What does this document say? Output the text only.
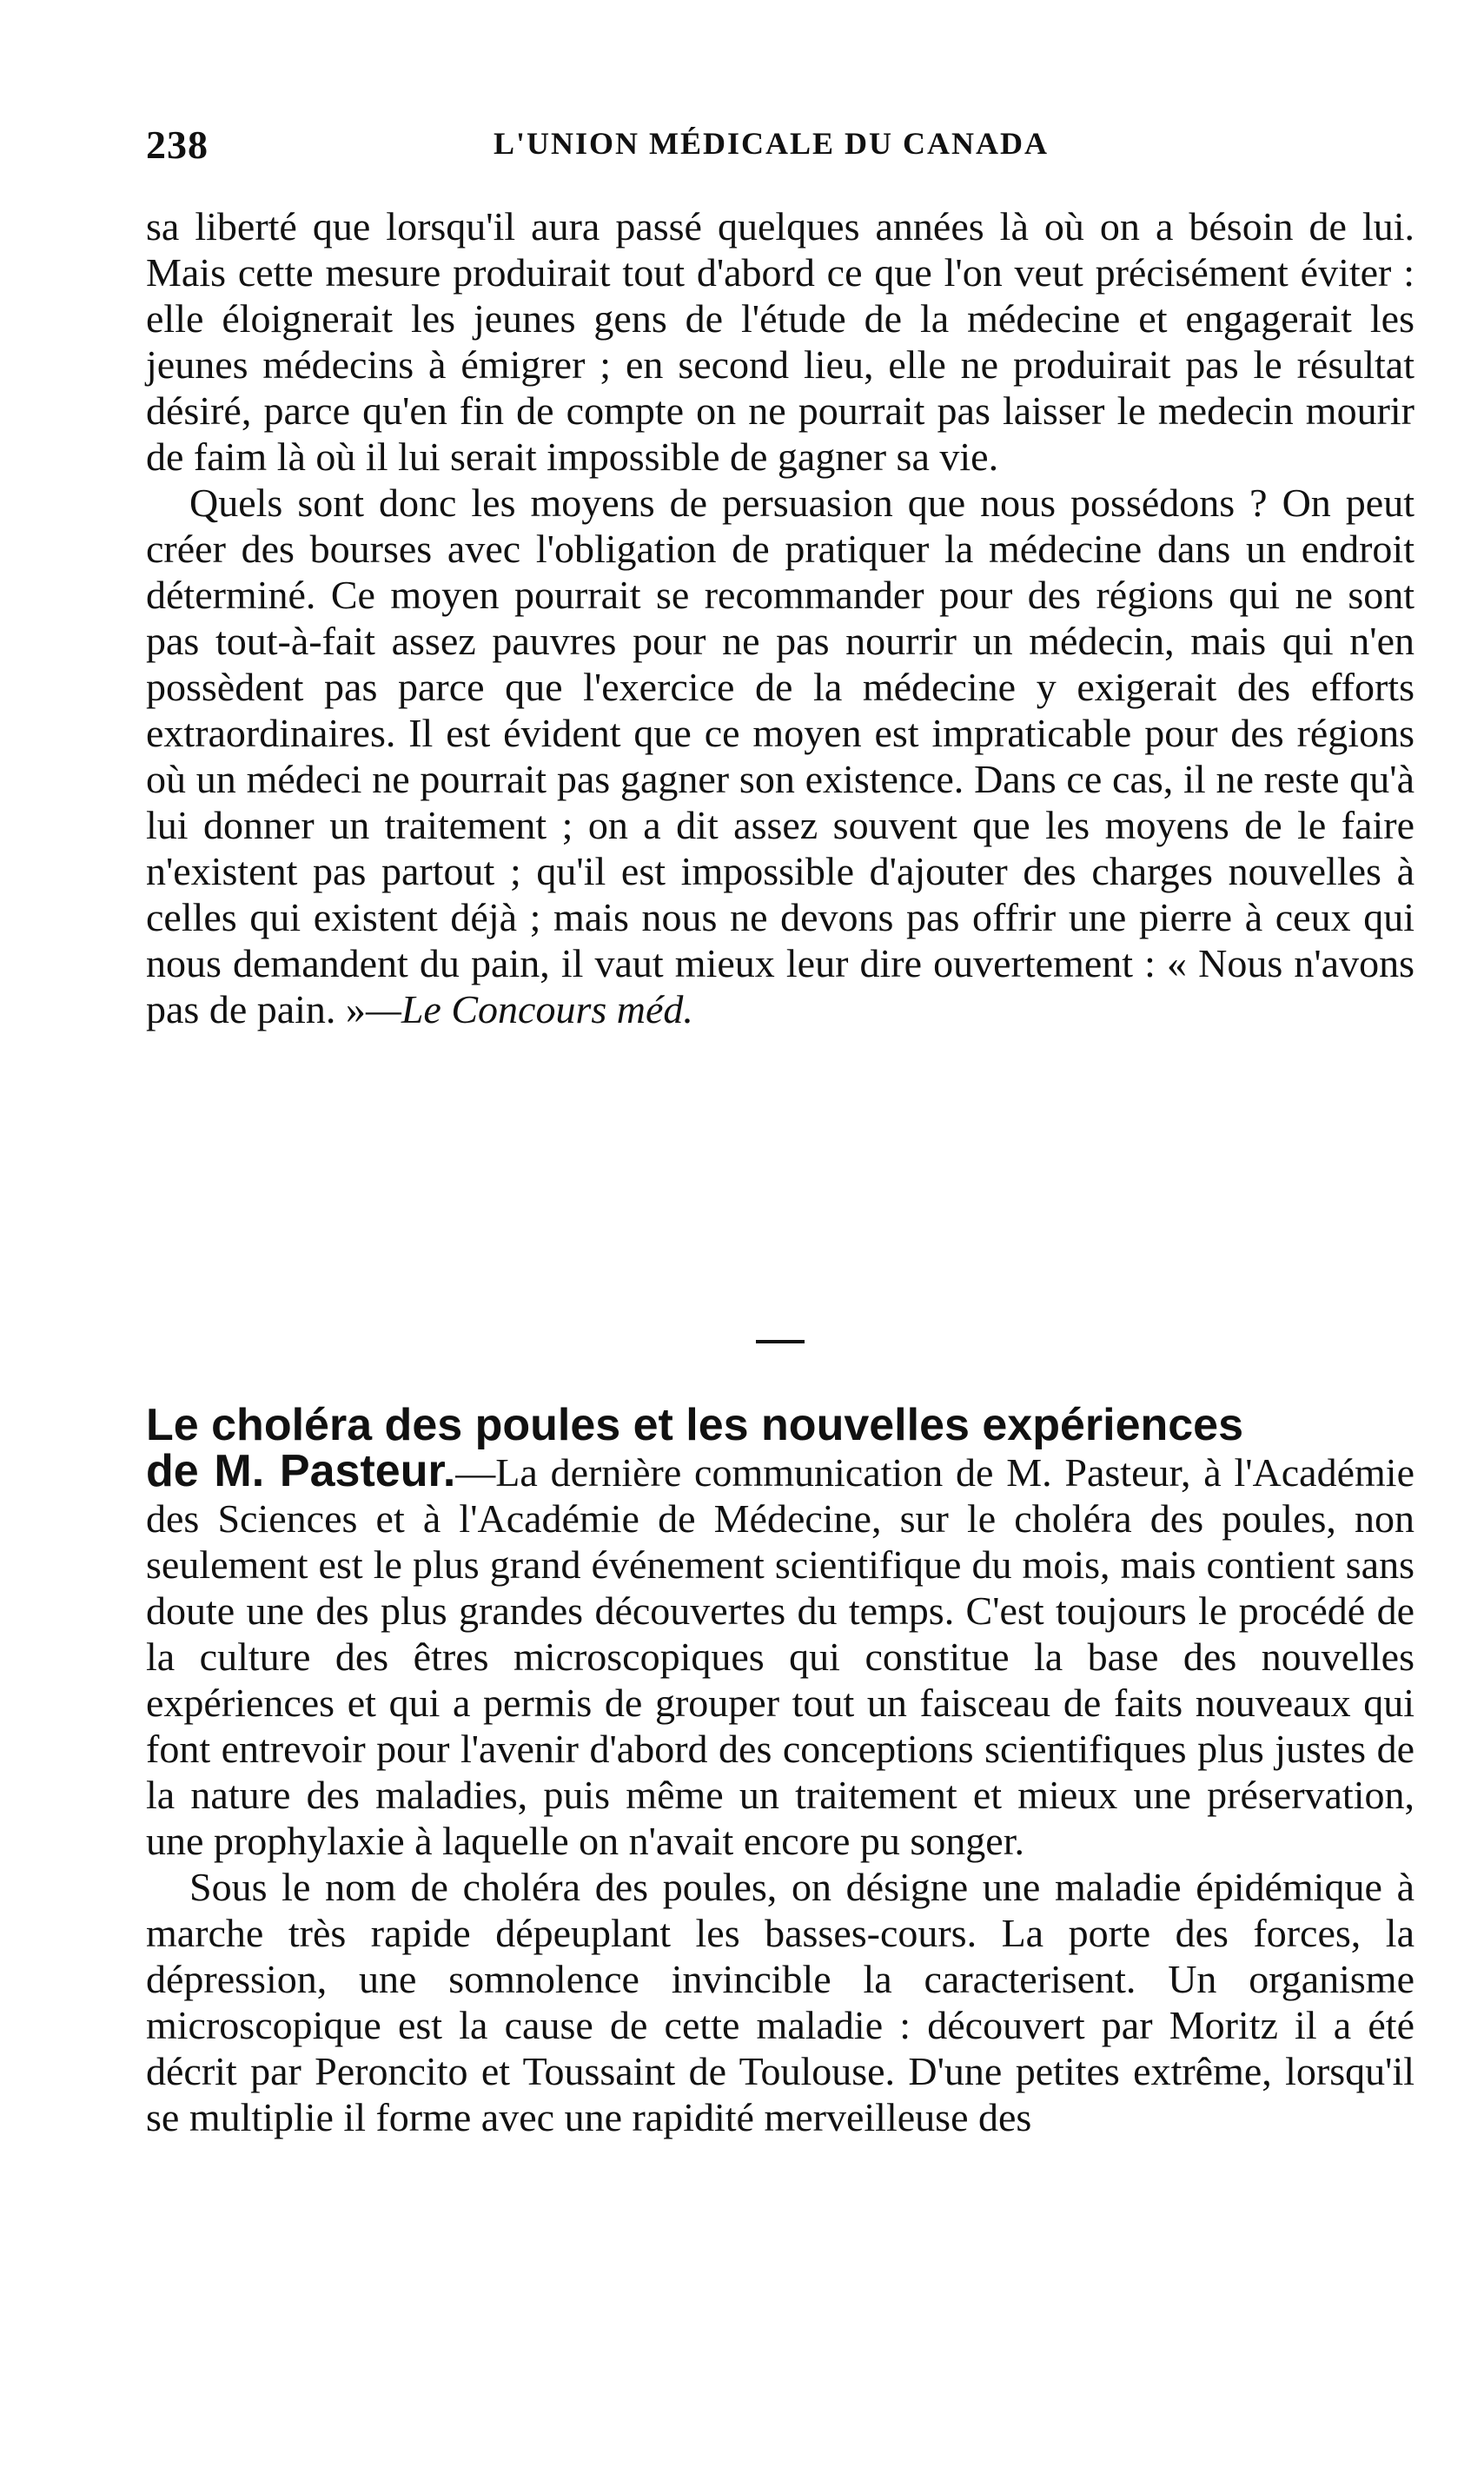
238	L'UNION MÉDICALE DU CANADA

sa liberté que lorsqu'il aura passé quelques années là où on a bésoin de lui. Mais cette mesure produirait tout d'abord ce que l'on veut précisément éviter : elle éloignerait les jeunes gens de l'étude de la médecine et engagerait les jeunes médecins à émigrer ; en second lieu, elle ne produirait pas le résultat désiré, parce qu'en fin de compte on ne pourrait pas laisser le medecin mourir de faim là où il lui serait impossible de gagner sa vie.

Quels sont donc les moyens de persuasion que nous possédons ? On peut créer des bourses avec l'obligation de pratiquer la médecine dans un endroit déterminé. Ce moyen pourrait se recommander pour des régions qui ne sont pas tout-à-fait assez pauvres pour ne pas nourrir un médecin, mais qui n'en possèdent pas parce que l'exercice de la médecine y exigerait des efforts extraordinaires. Il est évident que ce moyen est impraticable pour des régions où un médeci ne pourrait pas gagner son existence. Dans ce cas, il ne reste qu'à lui donner un traitement ; on a dit assez souvent que les moyens de le faire n'existent pas partout ; qu'il est impossible d'ajouter des charges nouvelles à celles qui existent déjà ; mais nous ne devons pas offrir une pierre à ceux qui nous demandent du pain, il vaut mieux leur dire ouvertement : « Nous n'avons pas de pain. »—Le Concours méd.

Le choléra des poules et les nouvelles expériences
de M. Pasteur.—La dernière communication de M. Pasteur, à l'Académie des Sciences et à l'Académie de Médecine, sur le choléra des poules, non seulement est le plus grand événement scientifique du mois, mais contient sans doute une des plus grandes découvertes du temps. C'est toujours le procédé de la culture des êtres microscopiques qui constitue la base des nouvelles expériences et qui a permis de grouper tout un faisceau de faits nouveaux qui font entrevoir pour l'avenir d'abord des conceptions scientifiques plus justes de la nature des maladies, puis même un traitement et mieux une préservation, une prophylaxie à laquelle on n'avait encore pu songer.

Sous le nom de choléra des poules, on désigne une maladie épidémique à marche très rapide dépeuplant les basses-cours. La porte des forces, la dépression, une somnolence invincible la caracterisent. Un organisme microscopique est la cause de cette maladie : découvert par Moritz il a été décrit par Peroncito et Toussaint de Toulouse. D'une petites extrême, lorsqu'il se multiplie il forme avec une rapidité merveilleuse des
